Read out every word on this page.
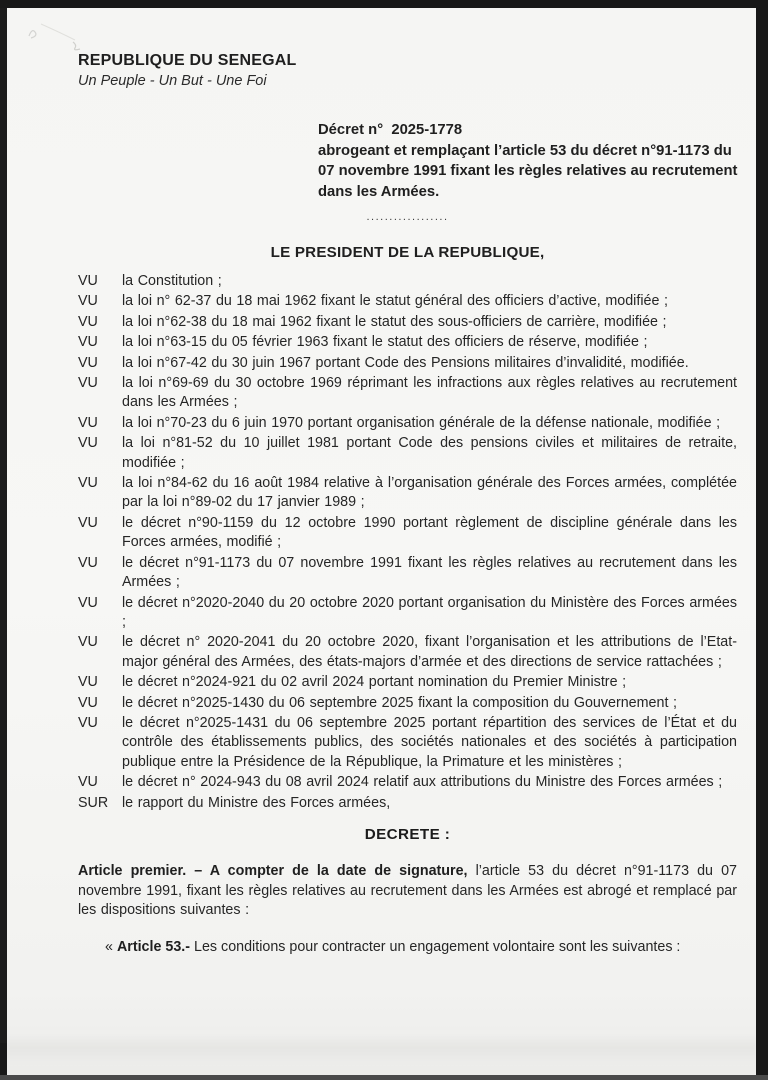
REPUBLIQUE DU SENEGAL
Un Peuple - Un But - Une Foi
Décret n°  2025-1778
abrogeant et remplaçant l’article 53 du décret n°91-1173 du 07 novembre 1991 fixant les règles relatives au recrutement dans les Armées.
..................
LE PRESIDENT DE LA REPUBLIQUE,
VU	la Constitution ;
VU	la loi n° 62-37 du 18 mai 1962 fixant le statut général des officiers d’active, modifiée ;
VU	la loi n°62-38 du 18 mai 1962 fixant le statut des sous-officiers de carrière, modifiée ;
VU	la loi n°63-15 du 05 février 1963 fixant le statut des officiers de réserve, modifiée ;
VU	la loi n°67-42 du 30 juin 1967 portant Code des Pensions militaires d’invalidité, modifiée.
VU	la loi n°69-69 du 30 octobre 1969 réprimant les infractions aux règles relatives au recrutement dans les Armées ;
VU	la loi n°70-23 du 6 juin 1970 portant organisation générale de la défense nationale, modifiée ;
VU	la loi n°81-52 du 10 juillet 1981 portant Code des pensions civiles et militaires de retraite, modifiée ;
VU	la loi n°84-62 du 16 août 1984 relative à l’organisation générale des Forces armées, complétée par la loi n°89-02 du 17 janvier 1989 ;
VU	le décret n°90-1159 du 12 octobre 1990 portant règlement de discipline générale dans les Forces armées, modifié ;
VU	le décret n°91-1173 du 07 novembre 1991 fixant les règles relatives au recrutement dans les Armées ;
VU	le décret n°2020-2040 du 20 octobre 2020 portant organisation du Ministère des Forces armées ;
VU	le décret n° 2020-2041 du 20 octobre 2020, fixant l’organisation et les attributions de l’Etat-major général des Armées, des états-majors d’armée et des directions de service rattachées ;
VU	le décret n°2024-921 du 02 avril 2024 portant nomination du Premier Ministre ;
VU	le décret n°2025-1430 du 06 septembre 2025 fixant la composition du Gouvernement ;
VU	le décret n°2025-1431 du 06 septembre 2025 portant répartition des services de l’État et du contrôle des établissements publics, des sociétés nationales et des sociétés à participation publique entre la Présidence de la République, la Primature et les ministères ;
VU	le décret n° 2024-943 du 08 avril 2024 relatif aux attributions du Ministre des Forces armées ;
SUR le rapport du Ministre des Forces armées,
DECRETE :

Article premier. – A compter de la date de signature, l’article 53 du décret n°91-1173 du 07 novembre 1991, fixant les règles relatives au recrutement dans les Armées est abrogé et remplacé par les dispositions suivantes :

« Article 53.- Les conditions pour contracter un engagement volontaire sont les suivantes :
